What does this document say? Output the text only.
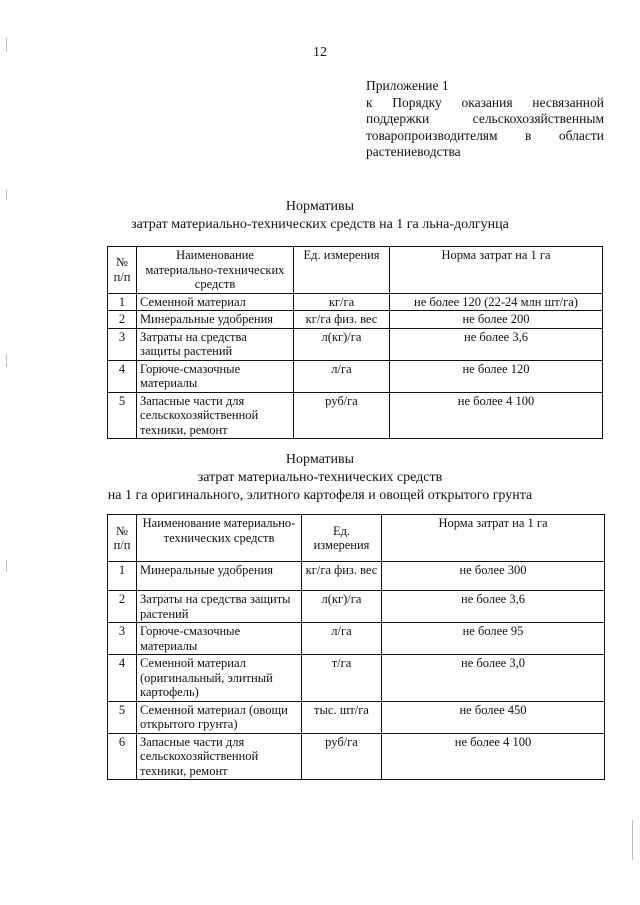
12
Приложение 1
к Порядку оказания несвязанной поддержки сельскохозяйственным товаропроизводителям в области растениеводства
Нормативы
затрат материально-технических средств на 1 га льна-долгунца
№ п/п	Наименование материально-технических средств	Ед. измерения	Норма затрат на 1 га
1	Семенной материал	кг/га	не более 120 (22-24 млн шт/га)
2	Минеральные удобрения	кг/га физ. вес	не более 200
3	Затраты на средства защиты растений	л(кг)/га	не более 3,6
4	Горюче-смазочные материалы	л/га	не более 120
5	Запасные части для сельскохозяйственной техники, ремонт	руб/га	не более 4 100
Нормативы
затрат материально-технических средств
на 1 га оригинального, элитного картофеля и овощей открытого грунта
№ п/п	Наименование материально-технических средств	Ед. измерения	Норма затрат на 1 га
1	Минеральные удобрения	кг/га физ. вес	не более 300
2	Затраты на средства защиты растений	л(кг)/га	не более 3,6
3	Горюче-смазочные материалы	л/га	не более 95
4	Семенной материал (оригинальный, элитный картофель)	т/га	не более 3,0
5	Семенной материал (овощи открытого грунта)	тыс. шт/га	не более 450
6	Запасные части для сельскохозяйственной техники, ремонт	руб/га	не более 4 100
